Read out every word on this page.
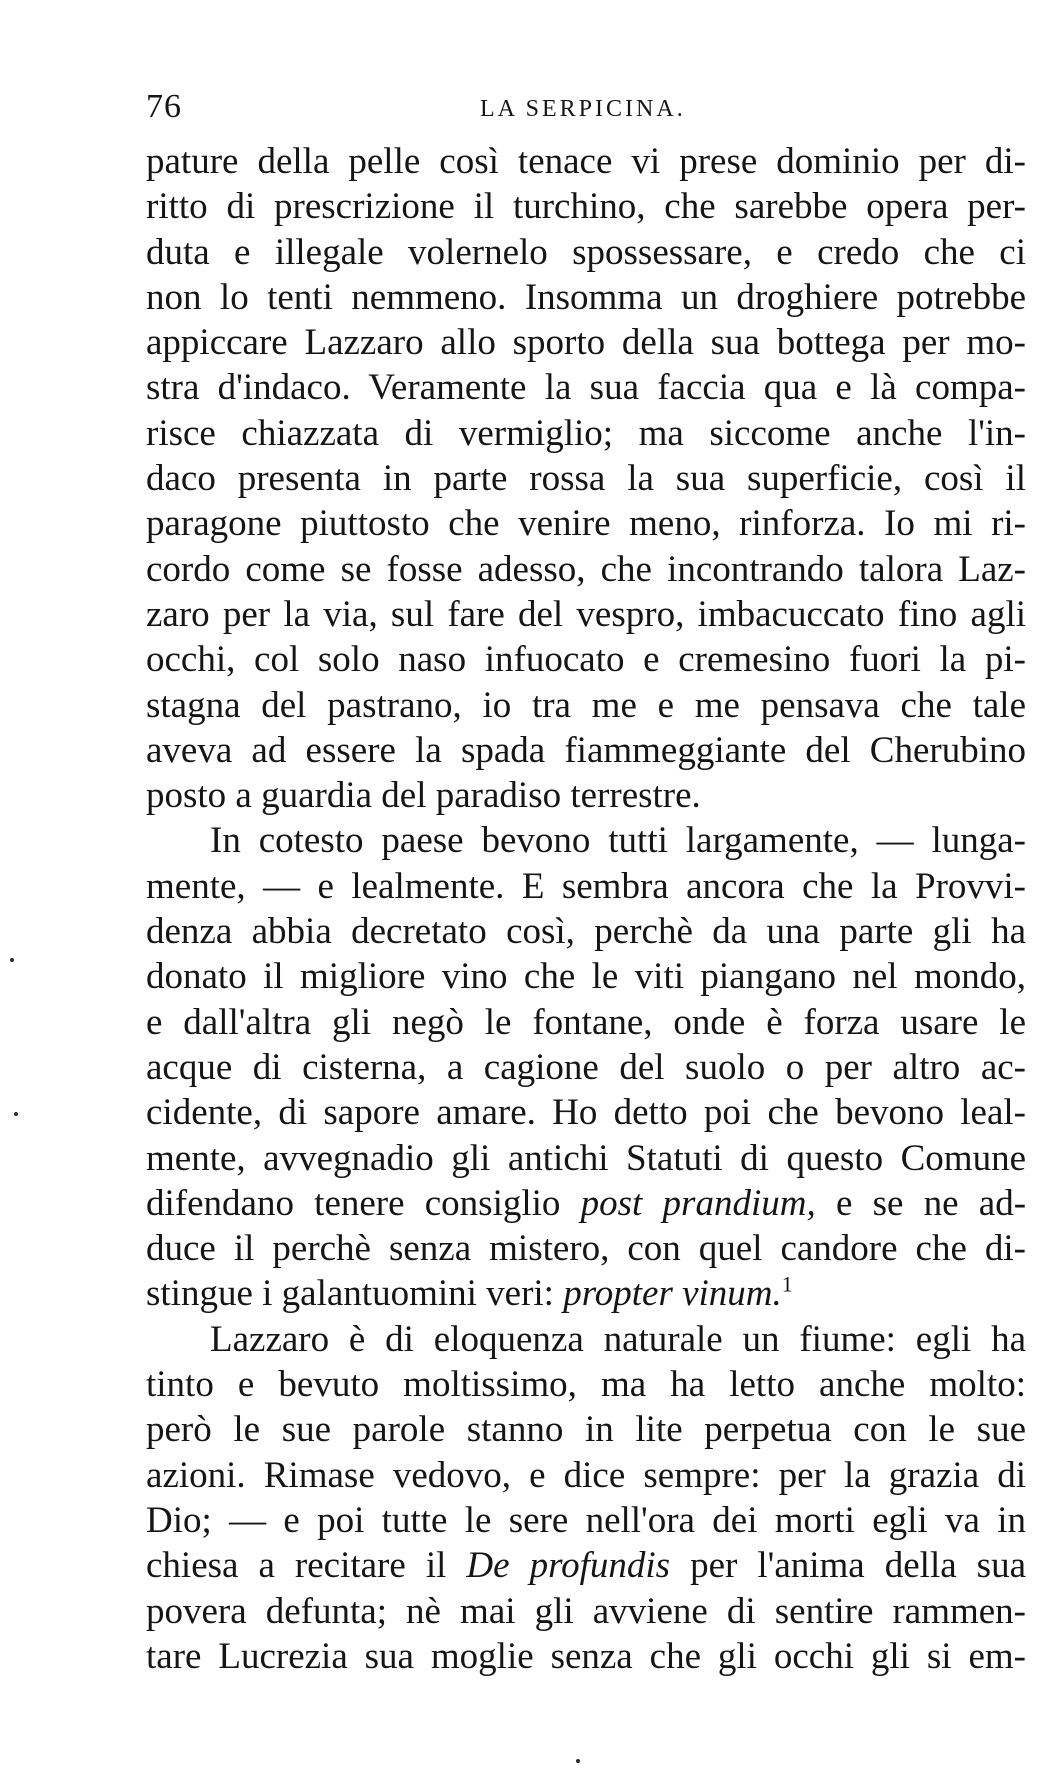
76	LA SERPICINA.
pature della pelle così tenace vi prese dominio per di-
ritto di prescrizione il turchino, che sarebbe opera per-
duta e illegale volernelo spossessare, e credo che ci
non lo tenti nemmeno. Insomma un droghiere potrebbe
appiccare Lazzaro allo sporto della sua bottega per mo-
stra d'indaco. Veramente la sua faccia qua e là compa-
risce chiazzata di vermiglio; ma siccome anche l'in-
daco presenta in parte rossa la sua superficie, così il
paragone piuttosto che venire meno, rinforza. Io mi ri-
cordo come se fosse adesso, che incontrando talora Laz-
zaro per la via, sul fare del vespro, imbacuccato fino agli
occhi, col solo naso infuocato e cremesino fuori la pi-
stagna del pastrano, io tra me e me pensava che tale
aveva ad essere la spada fiammeggiante del Cherubino
posto a guardia del paradiso terrestre.
In cotesto paese bevono tutti largamente, — lunga-
mente, — e lealmente. E sembra ancora che la Provvi-
denza abbia decretato così, perchè da una parte gli ha
donato il migliore vino che le viti piangano nel mondo,
e dall'altra gli negò le fontane, onde è forza usare le
acque di cisterna, a cagione del suolo o per altro ac-
cidente, di sapore amare. Ho detto poi che bevono leal-
mente, avvegnadio gli antichi Statuti di questo Comune
difendano tenere consiglio post prandium, e se ne ad-
duce il perchè senza mistero, con quel candore che di-
stingue i galantuomini veri: propter vinum.$^1$
Lazzaro è di eloquenza naturale un fiume: egli ha
tinto e bevuto moltissimo, ma ha letto anche molto:
però le sue parole stanno in lite perpetua con le sue
azioni. Rimase vedovo, e dice sempre: per la grazia di
Dio; — e poi tutte le sere nell'ora dei morti egli va in
chiesa a recitare il De profundis per l'anima della sua
povera defunta; nè mai gli avviene di sentire rammen-
tare Lucrezia sua moglie senza che gli occhi gli si em-
